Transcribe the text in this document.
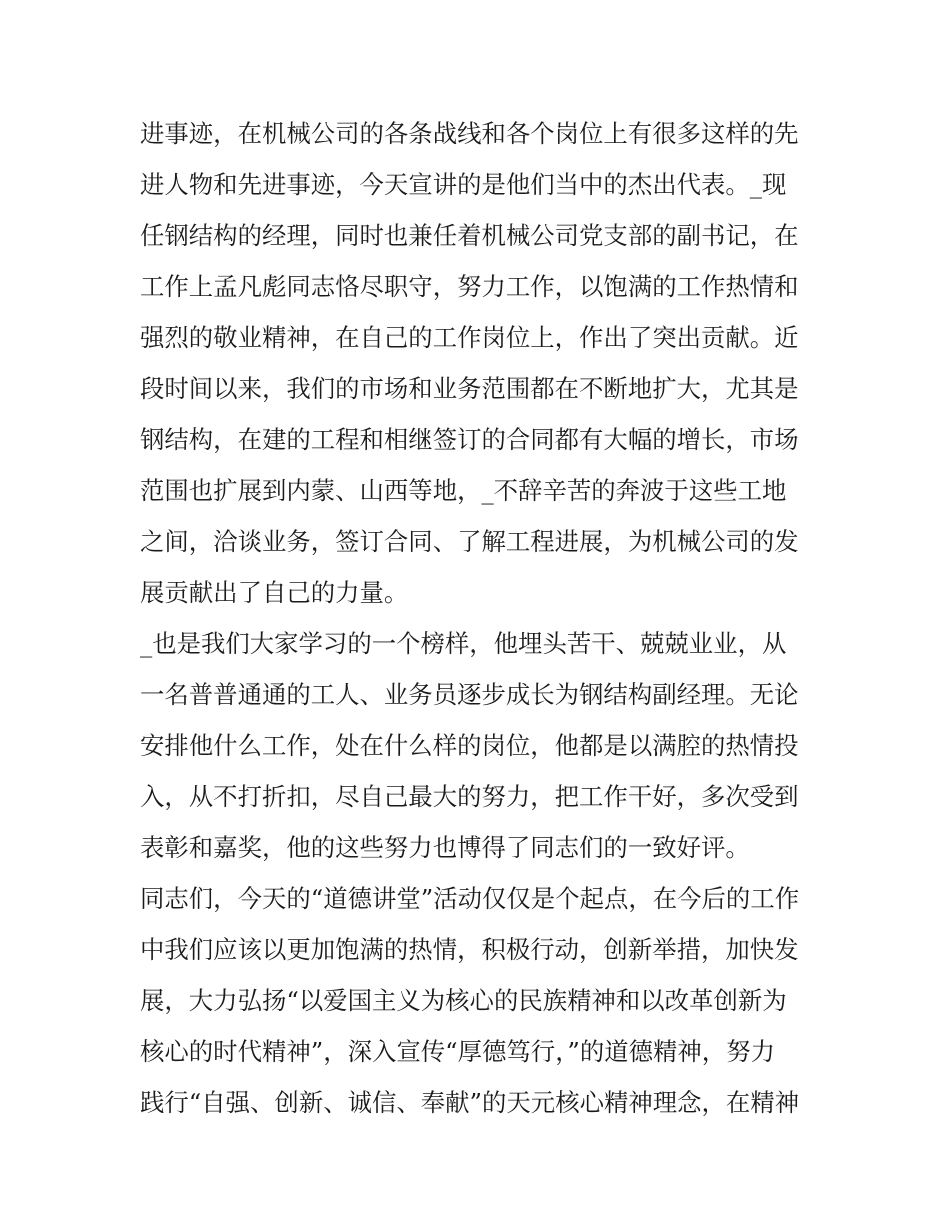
进事迹，在机械公司的各条战线和各个岗位上有很多这样的先
进人物和先进事迹，今天宣讲的是他们当中的杰出代表。_现
任钢结构的经理，同时也兼任着机械公司党支部的副书记，在
工作上孟凡彪同志恪尽职守，努力工作，以饱满的工作热情和
强烈的敬业精神，在自己的工作岗位上，作出了突出贡献。近
段时间以来，我们的市场和业务范围都在不断地扩大，尤其是
钢结构，在建的工程和相继签订的合同都有大幅的增长，市场
范围也扩展到内蒙、山西等地，_不辞辛苦的奔波于这些工地
之间，洽谈业务，签订合同、了解工程进展，为机械公司的发
展贡献出了自己的力量。
_也是我们大家学习的一个榜样，他埋头苦干、兢兢业业，从
一名普普通通的工人、业务员逐步成长为钢结构副经理。无论
安排他什么工作，处在什么样的岗位，他都是以满腔的热情投
入，从不打折扣，尽自己最大的努力，把工作干好，多次受到
表彰和嘉奖，他的这些努力也博得了同志们的一致好评。
同志们，今天的“道德讲堂”活动仅仅是个起点，在今后的工作
中我们应该以更加饱满的热情，积极行动，创新举措，加快发
展，大力弘扬“以爱国主义为核心的民族精神和以改革创新为
核心的时代精神”，深入宣传“厚德笃行，”的道德精神，努力
践行“自强、创新、诚信、奉献”的天元核心精神理念，在精神
